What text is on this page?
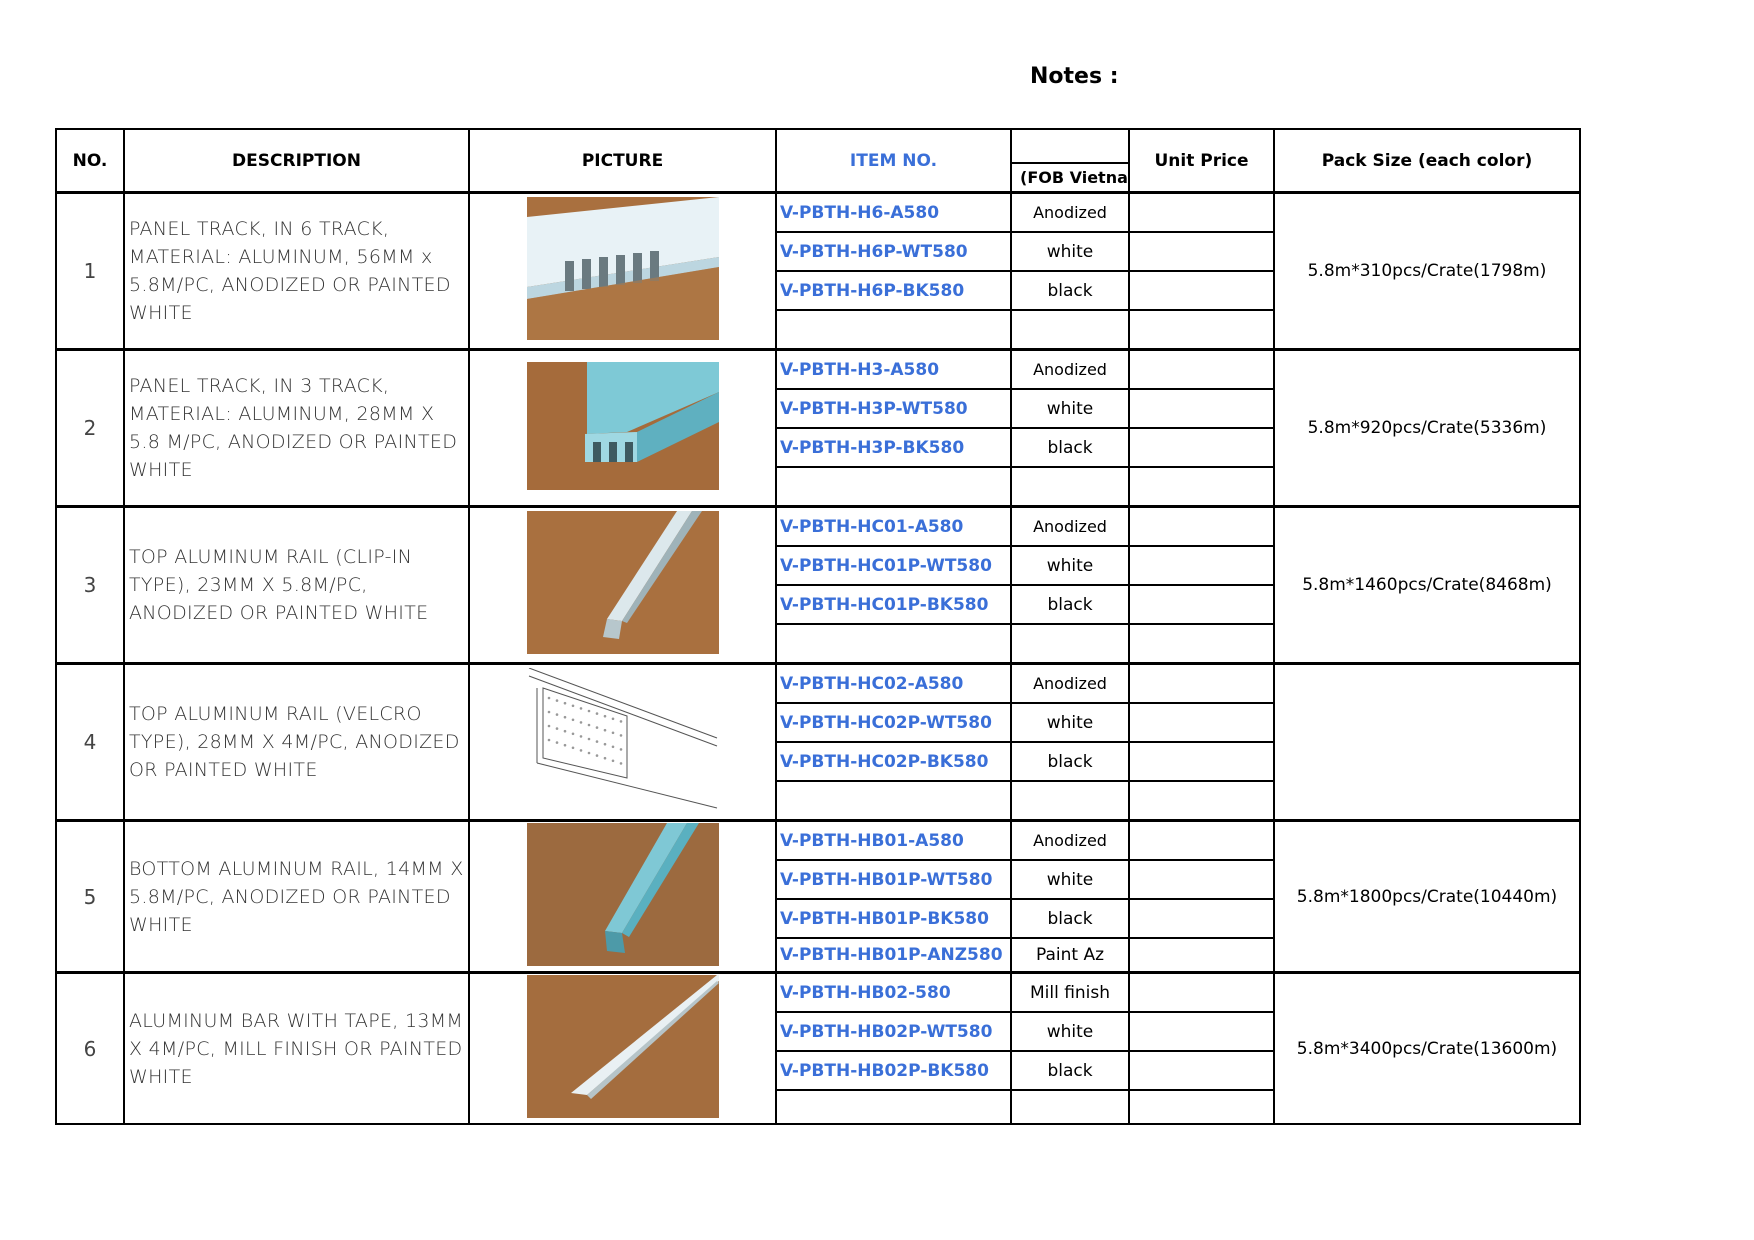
Notes :
NO.	DESCRIPTION	PICTURE	ITEM NO.	(FOB Vietna	Unit Price	Pack Size (each color)
1	PANEL TRACK, IN 6 TRACK, MATERIAL: ALUMINUM, 56MM x 5.8M/PC, ANODIZED OR PAINTED WHITE		V-PBTH-H6-A580	Anodized		5.8m*310pcs/Crate(1798m)
			V-PBTH-H6P-WT580	white		
			V-PBTH-H6P-BK580	black		

2	PANEL TRACK, IN 3 TRACK, MATERIAL: ALUMINUM, 28MM X 5.8 M/PC, ANODIZED OR PAINTED WHITE		V-PBTH-H3-A580	Anodized		5.8m*920pcs/Crate(5336m)
			V-PBTH-H3P-WT580	white		
			V-PBTH-H3P-BK580	black		

3	TOP ALUMINUM RAIL (CLIP-IN TYPE), 23MM X 5.8M/PC, ANODIZED OR PAINTED WHITE		V-PBTH-HC01-A580	Anodized		5.8m*1460pcs/Crate(8468m)
			V-PBTH-HC01P-WT580	white		
			V-PBTH-HC01P-BK580	black		

4	TOP ALUMINUM RAIL (VELCRO TYPE), 28MM X 4M/PC, ANODIZED OR PAINTED WHITE		V-PBTH-HC02-A580	Anodized		
			V-PBTH-HC02P-WT580	white		
			V-PBTH-HC02P-BK580	black		

5	BOTTOM ALUMINUM RAIL, 14MM X 5.8M/PC, ANODIZED OR PAINTED WHITE		V-PBTH-HB01-A580	Anodized		5.8m*1800pcs/Crate(10440m)
			V-PBTH-HB01P-WT580	white		
			V-PBTH-HB01P-BK580	black		
			V-PBTH-HB01P-ANZ580	Paint Az		
6	ALUMINUM BAR WITH TAPE, 13MM X 4M/PC, MILL FINISH OR PAINTED WHITE		V-PBTH-HB02-580	Mill finish		5.8m*3400pcs/Crate(13600m)
			V-PBTH-HB02P-WT580	white		
			V-PBTH-HB02P-BK580	black		
